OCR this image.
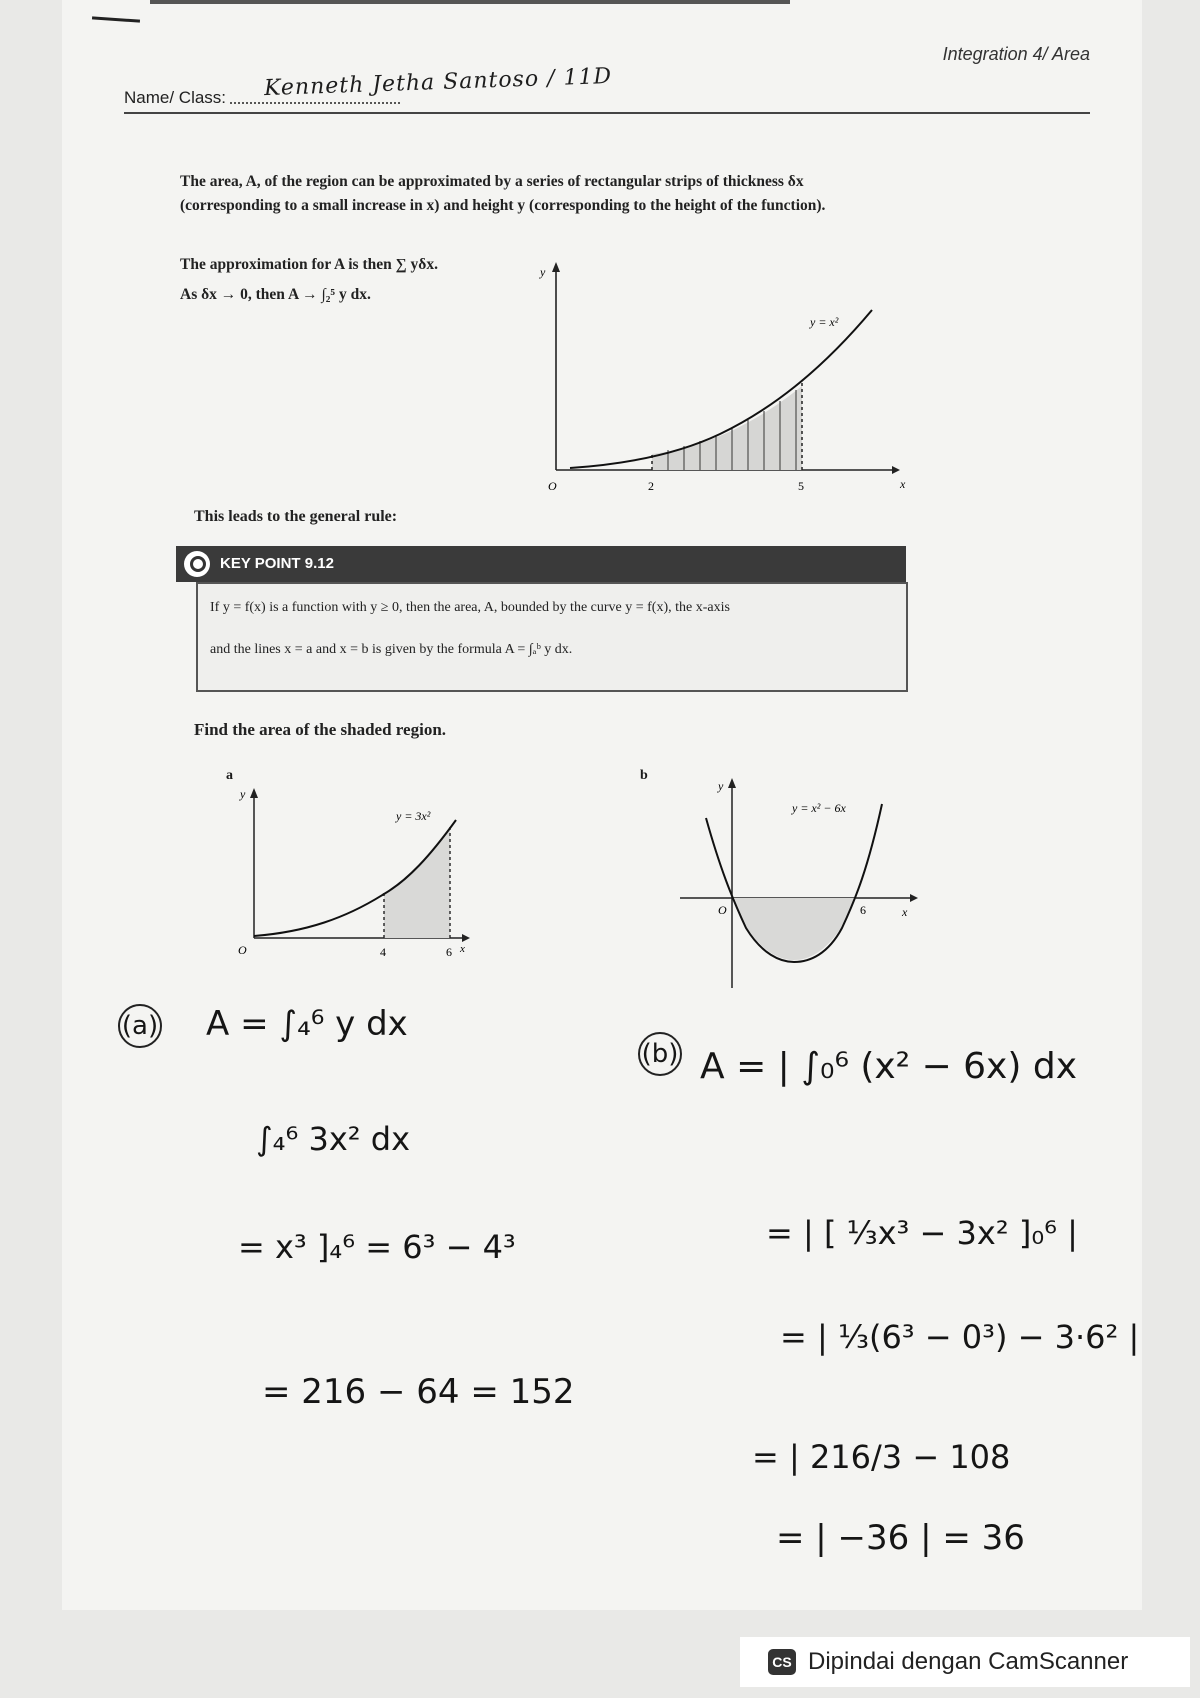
Integration 4/ Area
Name/ Class: Kenneth Jetha Santoso / 11D
The area, A, of the region can be approximated by a series of rectangular strips of thickness δx (corresponding to a small increase in x) and height y (corresponding to the height of the function).
The approximation for A is then ∑ yδx.
As δx → 0, then A → ∫₂⁵ y dx.
y = x²
y
x
O	2	5
This leads to the general rule:
KEY POINT 9.12
If y = f(x) is a function with y ≥ 0, then the area, A, bounded by the curve y = f(x), the x-axis
and the lines x = a and x = b is given by the formula A = ∫ₐᵇ y dx.
Find the area of the shaded region.
a	b
y = 3x²
y
O	4	6 x
y = x² − 6x
y
O	6	x
(a) A = ∫₄⁶ y dx
∫₄⁶ 3x² dx
= x³ ]₄⁶ = 6³ − 4³
= 216 − 64 = 152
(b) A = | ∫₀⁶ (x² − 6x) dx
= | [ ⅓x³ − 3x² ]₀⁶ |
= | ⅓(6³ − 0³) − 3·6² |
= | 216/3 − 108
= | −36 | = 36
CS Dipindai dengan CamScanner
